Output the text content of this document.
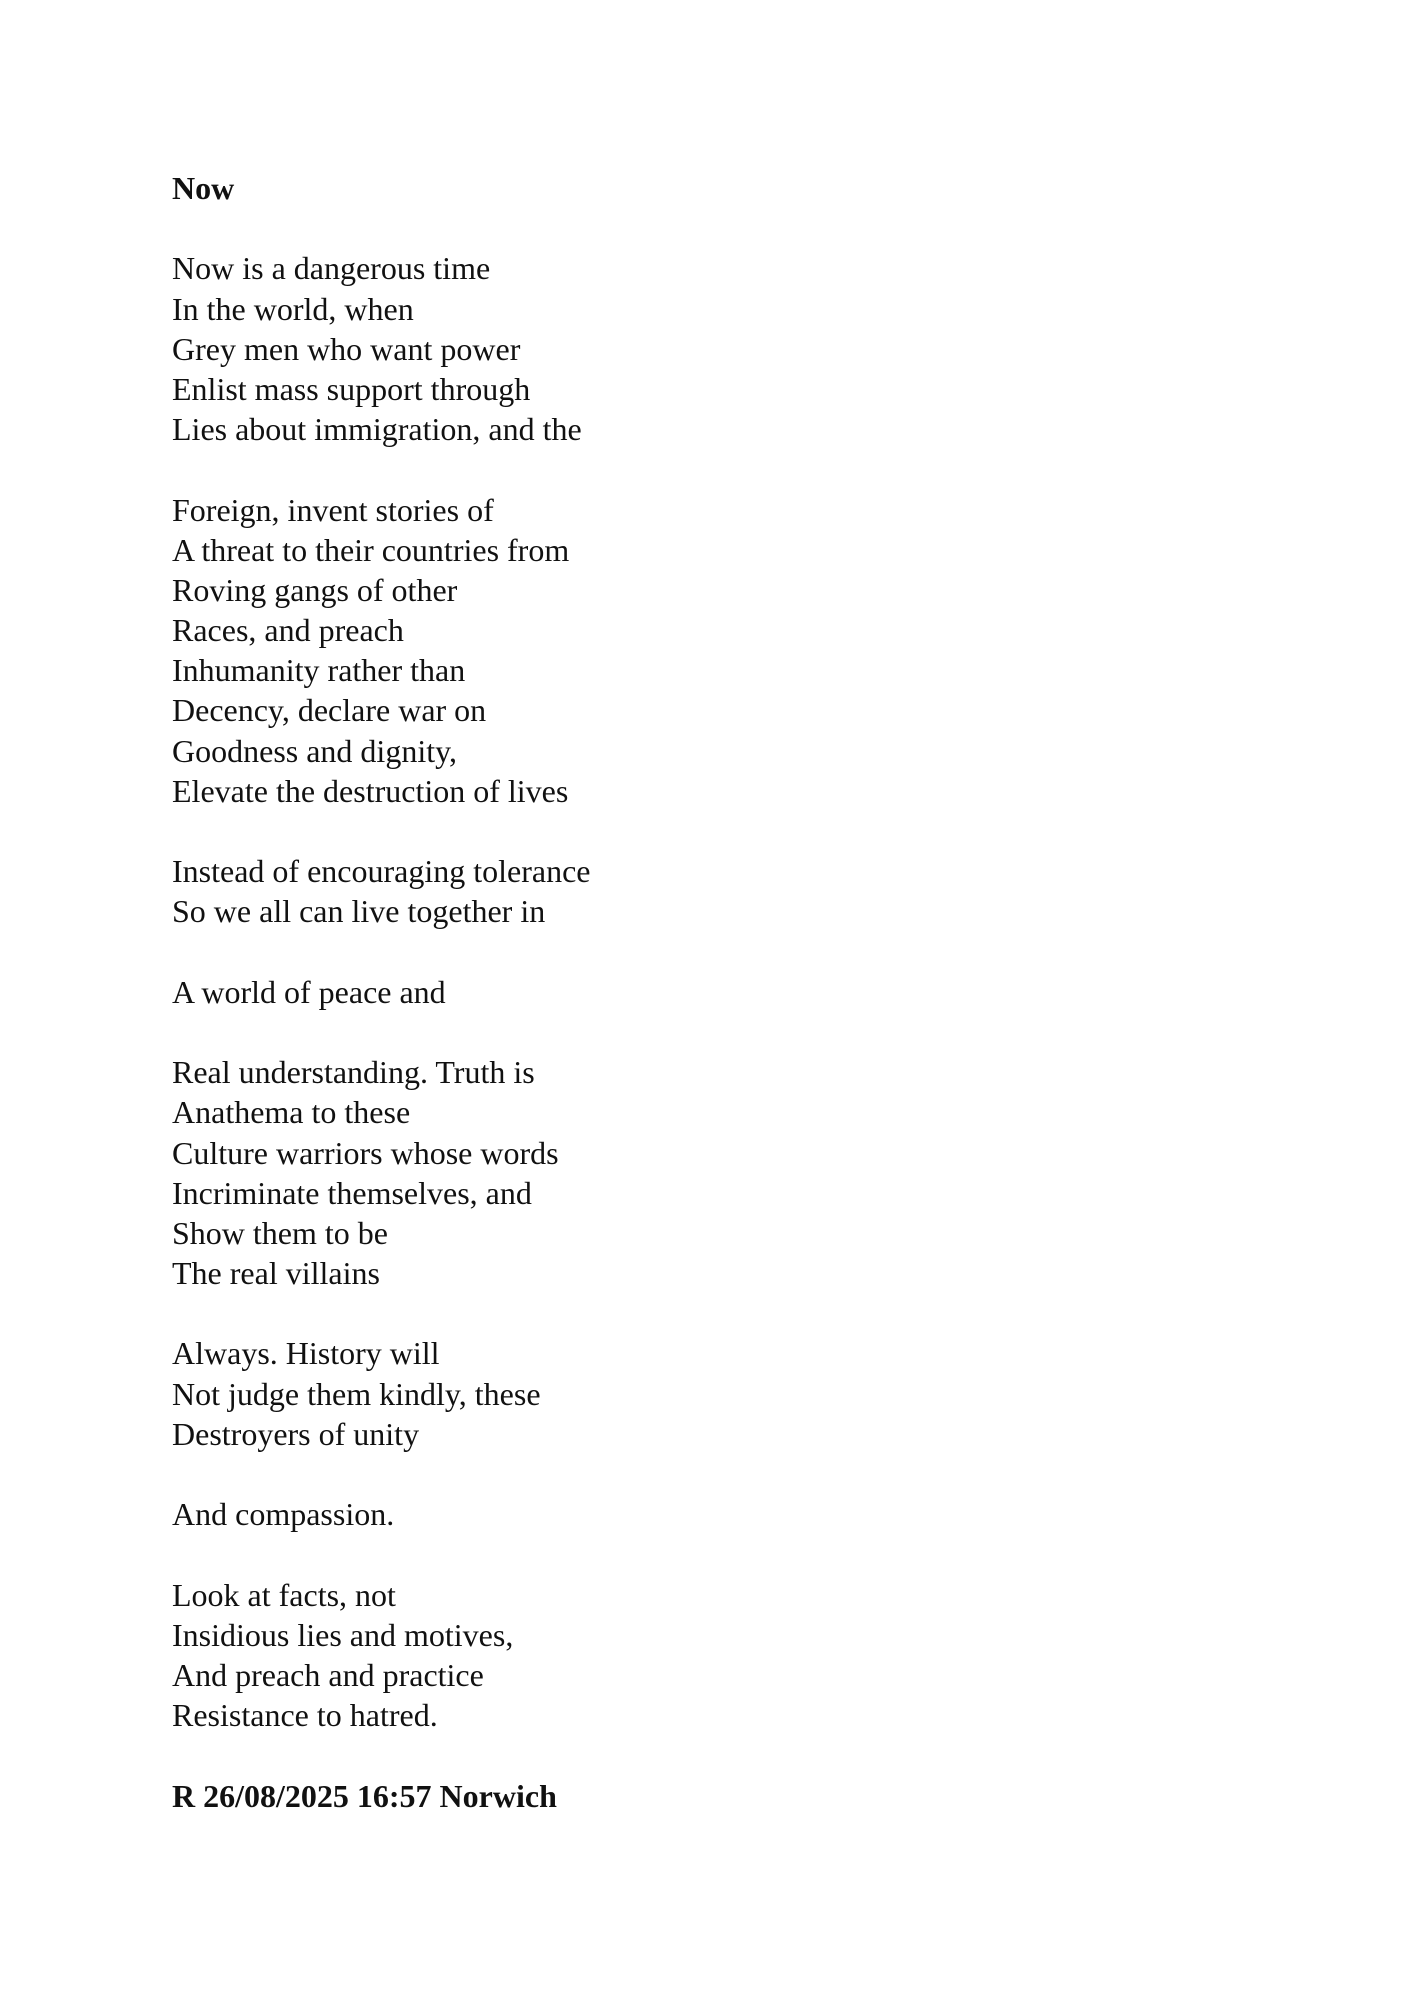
Now
Now is a dangerous time
In the world, when
Grey men who want power
Enlist mass support through
Lies about immigration, and the
Foreign, invent stories of
A threat to their countries from
Roving gangs of other
Races, and preach
Inhumanity rather than
Decency, declare war on
Goodness and dignity,
Elevate the destruction of lives
Instead of encouraging tolerance
So we all can live together in
A world of peace and
Real understanding. Truth is
Anathema to these
Culture warriors whose words
Incriminate themselves, and
Show them to be
The real villains
Always. History will
Not judge them kindly, these
Destroyers of unity
And compassion.
Look at facts, not
Insidious lies and motives,
And preach and practice
Resistance to hatred.
R 26/08/2025 16:57 Norwich
